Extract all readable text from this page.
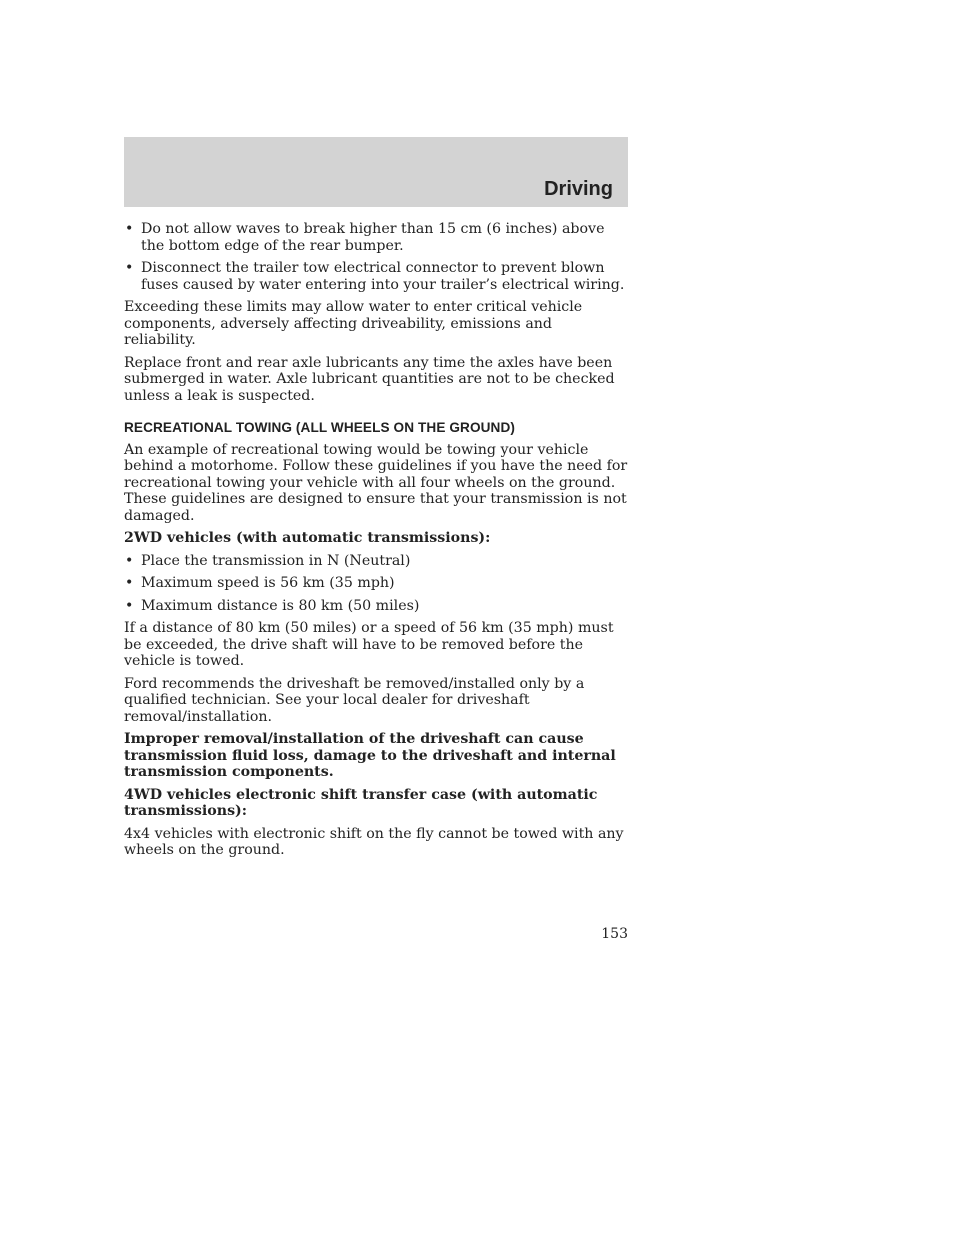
Driving
• Do not allow waves to break higher than 15 cm (6 inches) above the bottom edge of the rear bumper.
• Disconnect the trailer tow electrical connector to prevent blown fuses caused by water entering into your trailer’s electrical wiring.

Exceeding these limits may allow water to enter critical vehicle components, adversely affecting driveability, emissions and reliability.

Replace front and rear axle lubricants any time the axles have been submerged in water. Axle lubricant quantities are not to be checked unless a leak is suspected.

RECREATIONAL TOWING (ALL WHEELS ON THE GROUND)

An example of recreational towing would be towing your vehicle behind a motorhome. Follow these guidelines if you have the need for recreational towing your vehicle with all four wheels on the ground. These guidelines are designed to ensure that your transmission is not damaged.

2WD vehicles (with automatic transmissions):

• Place the transmission in N (Neutral)
• Maximum speed is 56 km (35 mph)
• Maximum distance is 80 km (50 miles)

If a distance of 80 km (50 miles) or a speed of 56 km (35 mph) must be exceeded, the drive shaft will have to be removed before the vehicle is towed.

Ford recommends the driveshaft be removed/installed only by a qualified technician. See your local dealer for driveshaft removal/installation.

Improper removal/installation of the driveshaft can cause transmission fluid loss, damage to the driveshaft and internal transmission components.

4WD vehicles electronic shift transfer case (with automatic transmissions):

4x4 vehicles with electronic shift on the fly cannot be towed with any wheels on the ground.

153
